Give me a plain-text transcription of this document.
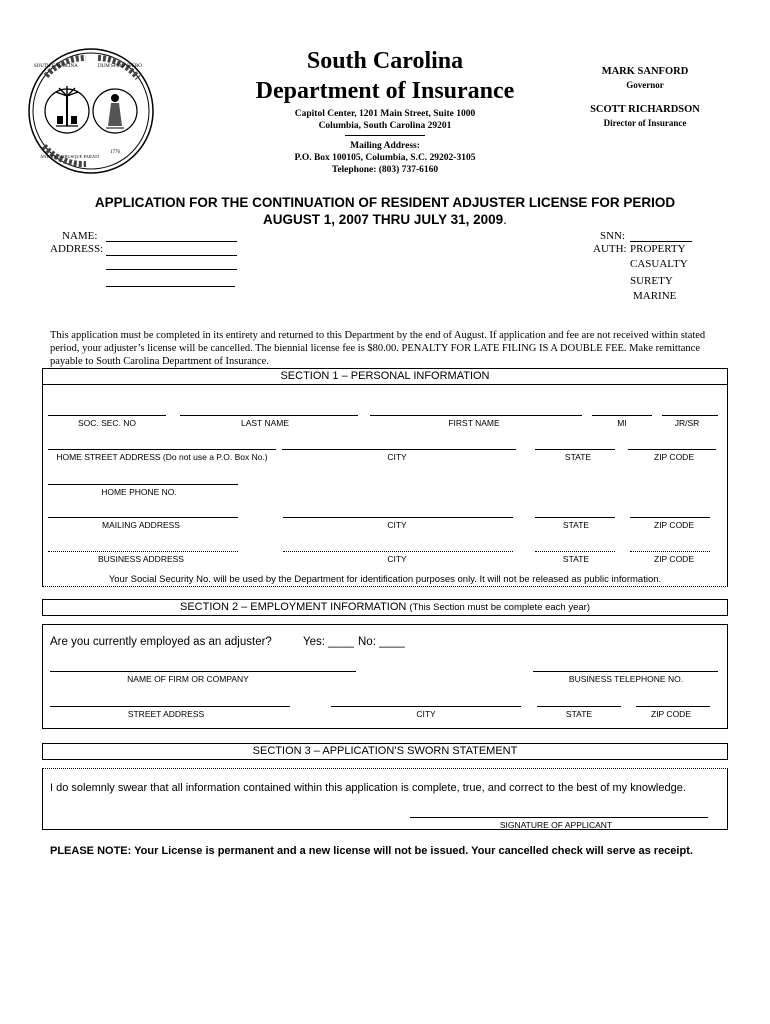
SOUTH CAROLINA	DUM SPIRO SPERO
ANIMIS OPIBUSQUE PARATI
1776
South Carolina
Department of Insurance
Capitol Center, 1201 Main Street, Suite 1000
Columbia, South Carolina 29201
Mailing Address:
P.O. Box 100105, Columbia, S.C. 29202-3105
Telephone: (803) 737-6160
MARK SANFORD
Governor
SCOTT RICHARDSON
Director of Insurance
APPLICATION FOR THE CONTINUATION OF RESIDENT ADJUSTER LICENSE FOR PERIOD
AUGUST 1, 2007 THRU JULY 31, 2009.
NAME:
ADDRESS:
SNN:
AUTH: PROPERTY
CASUALTY
SURETY
MARINE
This application must be completed in its entirety and returned to this Department by the end of August. If application and fee are not received within stated period, your adjuster’s license will be cancelled. The biennial license fee is $80.00. PENALTY FOR LATE FILING IS A DOUBLE FEE. Make remittance payable to South Carolina Department of Insurance.
SECTION 1 – PERSONAL INFORMATION
SOC. SEC. NO	LAST NAME	FIRST NAME	MI	JR/SR
HOME STREET ADDRESS (Do not use a P.O. Box No.)	CITY	STATE	ZIP CODE
HOME PHONE NO.
MAILING ADDRESS	CITY	STATE	ZIP CODE
BUSINESS ADDRESS	CITY	STATE	ZIP CODE
Your Social Security No. will be used by the Department for identification purposes only. It will not be released as public information.
SECTION 2 – EMPLOYMENT INFORMATION (This Section must be complete each year)
Are you currently employed as an adjuster?	Yes: ____ No: ____
NAME OF FIRM OR COMPANY	BUSINESS TELEPHONE NO.
STREET ADDRESS	CITY	STATE	ZIP CODE
SECTION 3 – APPLICATION’S SWORN STATEMENT
I do solemnly swear that all information contained within this application is complete, true, and correct to the best of my knowledge.
SIGNATURE OF APPLICANT
PLEASE NOTE: Your License is permanent and a new license will not be issued. Your cancelled check will serve as receipt.
